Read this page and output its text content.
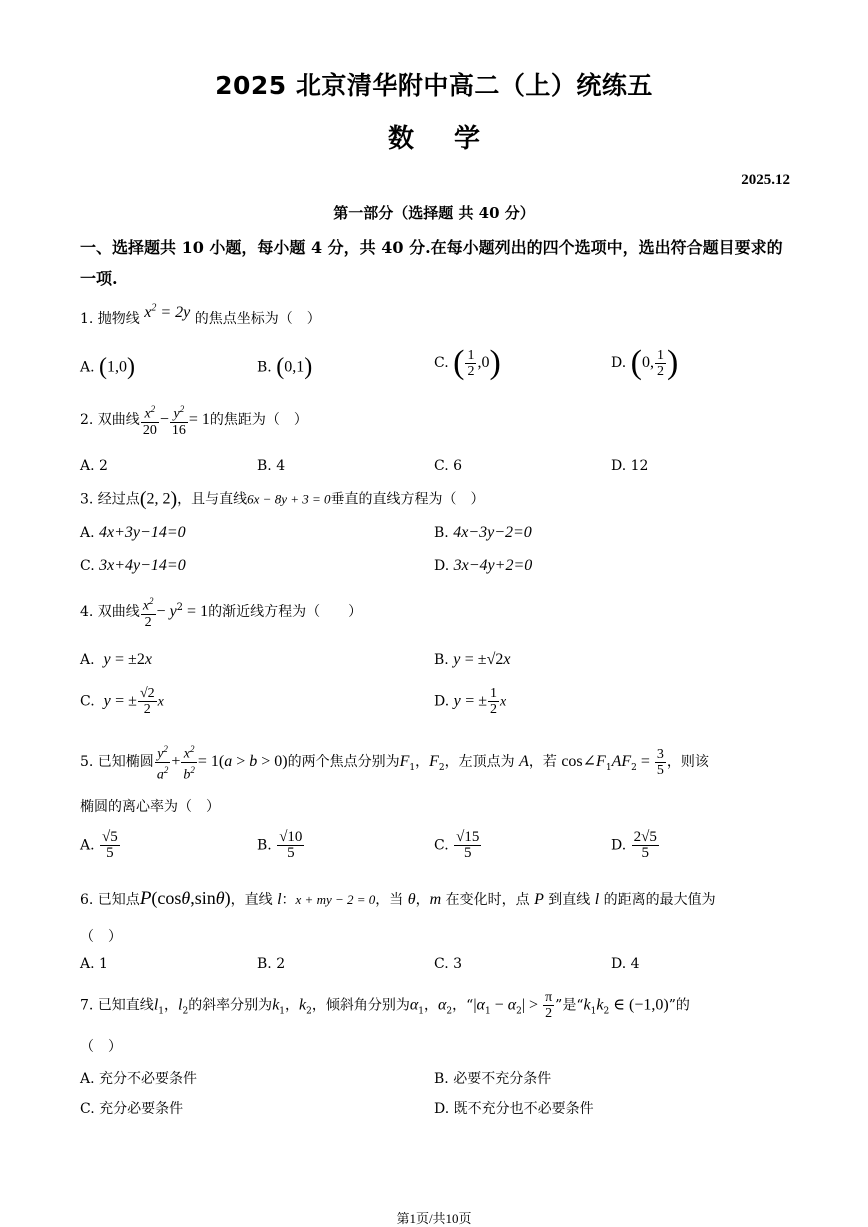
2025 北京清华附中高二（上）统练五
数学
2025.12
第一部分（选择题 共 40 分）
一、选择题共 10 小题，每小题 4 分，共 40 分.在每小题列出的四个选项中，选出符合题目要求的一项.
1. 抛物线 $x^2 = 2y$ 的焦点坐标为（　）
A. (1,0)	B. (0,1)	C. ( $\frac{1}{2} ,0$)	D. (0, $\frac{1}{2}$ )
2. 双曲线 $\frac{x^2}{20} - \frac{y^2}{16} = 1$的焦距为（　）
A. 2	B. 4	C. 6	D. 12
3. 经过点(2, 2)，且与直线6x − 8y + 3 = 0垂直的直线方程为（　）
A. 4x+3y−14=0	B. 4x−3y−2=0
C. 3x+4y−14=0	D. 3x−4y+2=0
4. 双曲线 $\frac{x^2}{2} - y^2 = 1$的渐近线方程为（　　）
A. y = ±2x	B. y = ±√2x
C. y = ± $\frac{√2}{2}$ x	D. y = ± $\frac{1}{2}$ x
5. 已知椭圆 $\frac{y^2}{a^2} + \frac{x^2}{b^2} = 1(a > b > 0)$的两个焦点分别为$F_1$，$F_2$，左顶点为 A，若 $\cos\angle F_1AF_2 = \frac{3}{5}$ ，则该
椭圆的离心率为（　）
A. $\frac{√5}{5}$	B. $\frac{√10}{5}$	C. $\frac{√15}{5}$	D. $\frac{2√5}{5}$
6. 已知点P(cosθ,sinθ)，直线 l：x + my − 2 = 0，当 θ，m 在变化时，点 P 到直线 l 的距离的最大值为
（　）
A. 1	B. 2	C. 3	D. 4
7. 已知直线$l_1$，$l_2$的斜率分别为$k_1$，$k_2$，倾斜角分别为$\alpha_1$，$\alpha_2$，“$|\alpha_1 - \alpha_2| > \frac{\pi}{2}$ ”是“$k_1k_2$ ∈ (−1,0)”的
（　）
A. 充分不必要条件	B. 必要不充分条件
C. 充分必要条件	D. 既不充分也不必要条件
第1页/共10页
